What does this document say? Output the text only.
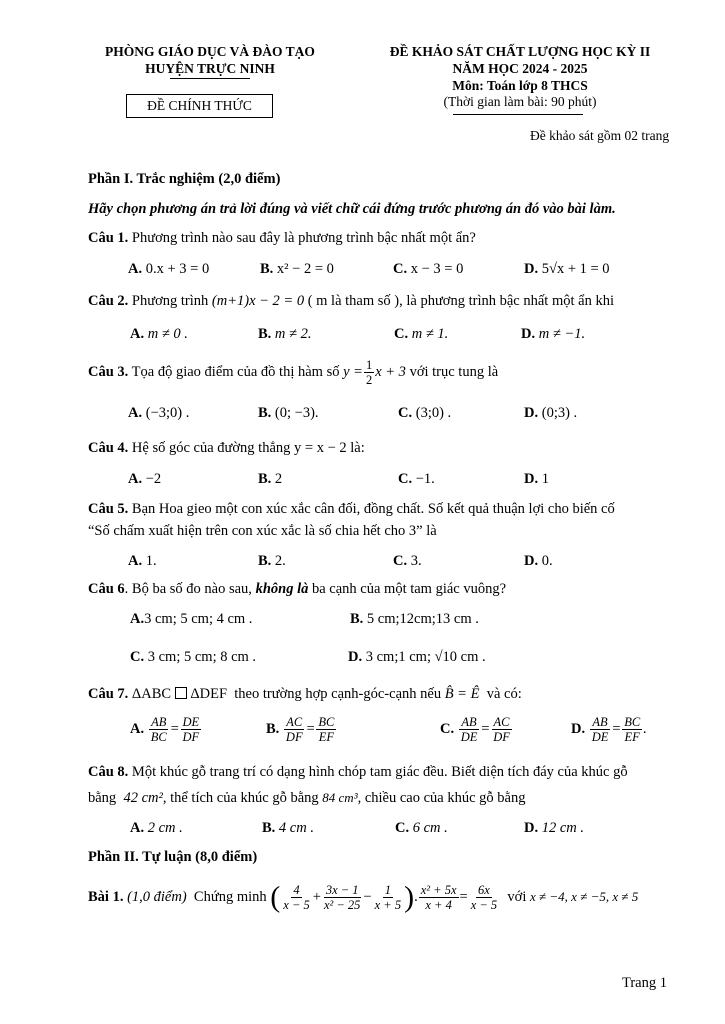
PHÒNG GIÁO DỤC VÀ ĐÀO TẠO
HUYỆN TRỰC NINH
ĐỀ CHÍNH THỨC
ĐỀ KHẢO SÁT CHẤT LƯỢNG HỌC KỲ II
NĂM HỌC 2024 - 2025
Môn: Toán lớp 8 THCS
(Thời gian làm bài: 90 phút)
Đề khảo sát gồm 02 trang
Phần I. Trắc nghiệm (2,0 điểm)
Hãy chọn phương án trả lời đúng và viết chữ cái đứng trước phương án đó vào bài làm.
Câu 1. Phương trình nào sau đây là phương trình bậc nhất một ẩn?
A. 0.x + 3 = 0	B. x² − 2 = 0	C. x − 3 = 0	D. 5√x + 1 = 0
Câu 2. Phương trình (m+1)x − 2 = 0 ( m là tham số ), là phương trình bậc nhất một ẩn khi
A. m ≠ 0 .	B. m ≠ 2.	C. m ≠ 1.	D. m ≠ −1.
Câu 3. Tọa độ giao điểm của đồ thị hàm số $y = \frac{1}{2}$ x + 3 với trục tung là
A. (−3;0) .	B. (0; −3).	C. (3;0) .	D. (0;3) .
Câu 4. Hệ số góc của đường thẳng y = x − 2 là:
A. −2	B. 2	C. −1.	D. 1
Câu 5. Bạn Hoa gieo một con xúc xắc cân đối, đồng chất. Số kết quả thuận lợi cho biến cố
“Số chấm xuất hiện trên con xúc xắc là số chia hết cho 3” là
A. 1.	B. 2.	C. 3.	D. 0.
Câu 6. Bộ ba số đo nào sau, không là ba cạnh của một tam giác vuông?
A.3 cm; 5 cm; 4 cm .	B. 5 cm;12cm;13 cm .
C. 3 cm; 5 cm; 8 cm .	D. 3 cm;1 cm; √10 cm .
Câu 7. ΔABC ΔDEF theo trường hợp cạnh-góc-cạnh nếu B̂ = Ê và có:
A. $\frac{AB}{BC} = \frac{DE}{DF}$	B. $\frac{AC}{DF} = \frac{BC}{EF}$	C. $\frac{AB}{DE} = \frac{AC}{DF}$	D. $\frac{AB}{DE} = \frac{BC}{EF}$ .
Câu 8. Một khúc gỗ trang trí có dạng hình chóp tam giác đều. Biết diện tích đáy của khúc gỗ
bằng 42 cm², thể tích của khúc gỗ bằng 84 cm³, chiều cao của khúc gỗ bằng
A. 2 cm .	B. 4 cm .	C. 6 cm .	D. 12 cm .
Phần II. Tự luận (8,0 điểm)
Bài 1. (1,0 điểm) Chứng minh ( $\frac{4}{x - 5} + \frac{3x - 1}{\text{x² − 25}} - \frac{1}{x + 5}$ ). $\frac{\text{x² + 5x}}{x + 4} = \frac{6x}{x - 5}$ với x ≠ −4, x ≠ −5, x ≠ 5
Trang 1
